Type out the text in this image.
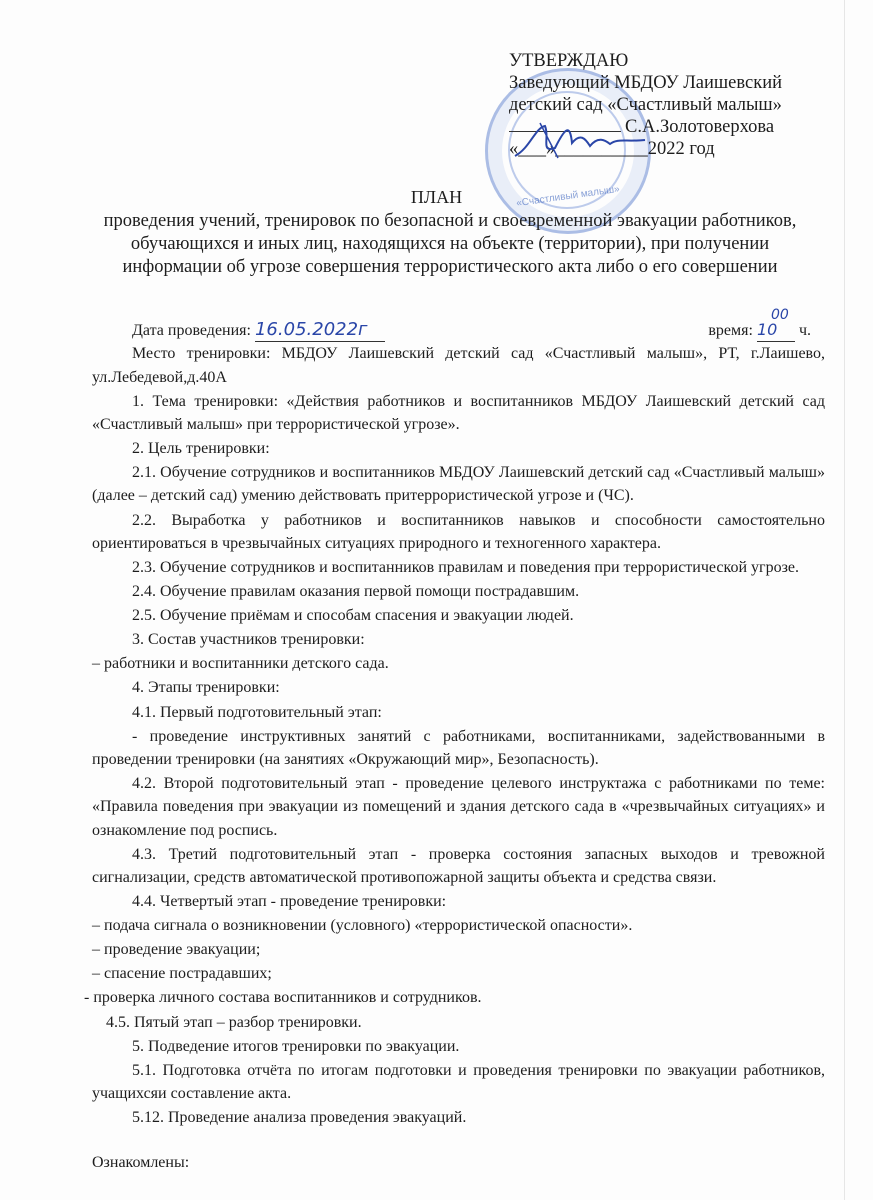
«Счастливый малыш»
УТВЕРЖДАЮ
Заведующий МБДОУ Лаишевский
детский сад «Счастливый малыш»
С.А.Золотоверхова
«___»__________2022 год
ПЛАН
проведения учений, тренировок по безопасной и своевременной эвакуации работников, обучающихся и иных лиц, находящихся на объекте (территории), при получении информации об угрозе совершения террористического акта либо о его совершении
Дата проведения: 16.05.2022г	время: 10
00
ч.

Место тренировки: МБДОУ Лаишевский детский сад «Счастливый малыш», РТ, г.Лаишево, ул.Лебедевой,д.40А

1. Тема тренировки: «Действия работников и воспитанников МБДОУ Лаишевский детский сад «Счастливый малыш» при террористической угрозе».

2. Цель тренировки:

2.1. Обучение сотрудников и воспитанников МБДОУ Лаишевский детский сад «Счастливый малыш» (далее – детский сад) умению действовать притеррористической угрозе и (ЧС).

2.2. Выработка у работников и воспитанников навыков и способности самостоятельно ориентироваться в чрезвычайных ситуациях природного и техногенного характера.

2.3. Обучение сотрудников и воспитанников правилам и поведения при террористической угрозе.

2.4. Обучение правилам оказания первой помощи пострадавшим.

2.5. Обучение приёмам и способам спасения и эвакуации людей.

3. Состав участников тренировки:

– работники и воспитанники детского сада.

4. Этапы тренировки:

4.1. Первый подготовительный этап:

- проведение инструктивных занятий с работниками, воспитанниками, задействованными в проведении тренировки (на занятиях «Окружающий мир», Безопасность).

4.2. Второй подготовительный этап - проведение целевого инструктажа с работниками по теме: «Правила поведения при эвакуации из помещений и здания детского сада в «чрезвычайных ситуациях» и ознакомление под роспись.

4.3. Третий подготовительный этап - проверка состояния запасных выходов и тревожной сигнализации, средств автоматической противопожарной защиты объекта и средства связи.

4.4. Четвертый этап - проведение тренировки:

– подача сигнала о возникновении (условного) «террористической опасности».

– проведение эвакуации;

– спасение пострадавших;

- проверка личного состава воспитанников и сотрудников.

4.5. Пятый этап – разбор тренировки.

5. Подведение итогов тренировки по эвакуации.

5.1. Подготовка отчёта по итогам подготовки и проведения тренировки по эвакуации работников, учащихсяи составление акта.

5.12. Проведение анализа проведения эвакуаций.

Ознакомлены:
